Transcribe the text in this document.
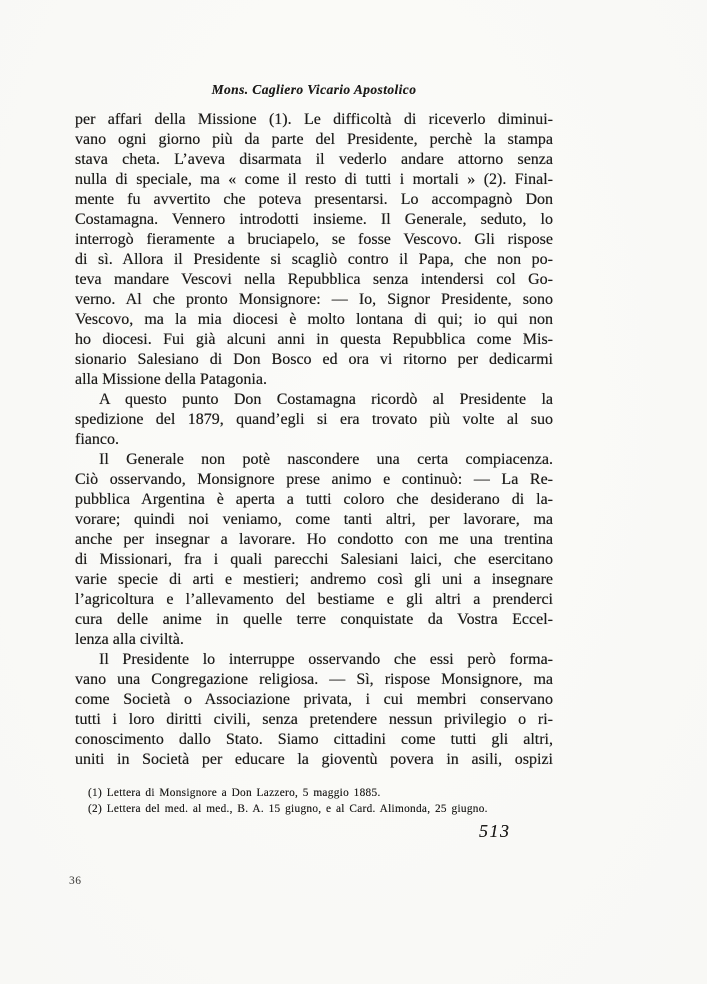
Mons. Cagliero Vicario Apostolico
per affari della Missione (1). Le difficoltà di riceverlo diminui-
vano ogni giorno più da parte del Presidente, perchè la stampa
stava cheta. L’aveva disarmata il vederlo andare attorno senza
nulla di speciale, ma « come il resto di tutti i mortali » (2). Final-
mente fu avvertito che poteva presentarsi. Lo accompagnò Don
Costamagna. Vennero introdotti insieme. Il Generale, seduto, lo
interrogò fieramente a bruciapelo, se fosse Vescovo. Gli rispose
di sì. Allora il Presidente si scagliò contro il Papa, che non po-
teva mandare Vescovi nella Repubblica senza intendersi col Go-
verno. Al che pronto Monsignore: — Io, Signor Presidente, sono
Vescovo, ma la mia diocesi è molto lontana di qui; io qui non
ho diocesi. Fui già alcuni anni in questa Repubblica come Mis-
sionario Salesiano di Don Bosco ed ora vi ritorno per dedicarmi
alla Missione della Patagonia.
A questo punto Don Costamagna ricordò al Presidente la
spedizione del 1879, quand’egli si era trovato più volte al suo
fianco.
Il Generale non potè nascondere una certa compiacenza.
Ciò osservando, Monsignore prese animo e continuò: — La Re-
pubblica Argentina è aperta a tutti coloro che desiderano di la-
vorare; quindi noi veniamo, come tanti altri, per lavorare, ma
anche per insegnar a lavorare. Ho condotto con me una trentina
di Missionari, fra i quali parecchi Salesiani laici, che esercitano
varie specie di arti e mestieri; andremo così gli uni a insegnare
l’agricoltura e l’allevamento del bestiame e gli altri a prenderci
cura delle anime in quelle terre conquistate da Vostra Eccel-
lenza alla civiltà.
Il Presidente lo interruppe osservando che essi però forma-
vano una Congregazione religiosa. — Sì, rispose Monsignore, ma
come Società o Associazione privata, i cui membri conservano
tutti i loro diritti civili, senza pretendere nessun privilegio o ri-
conoscimento dallo Stato. Siamo cittadini come tutti gli altri,
uniti in Società per educare la gioventù povera in asili, ospizi
(1) Lettera di Monsignore a Don Lazzero, 5 maggio 1885.
(2) Lettera del med. al med., B. A. 15 giugno, e al Card. Alimonda, 25 giugno.
513
36
